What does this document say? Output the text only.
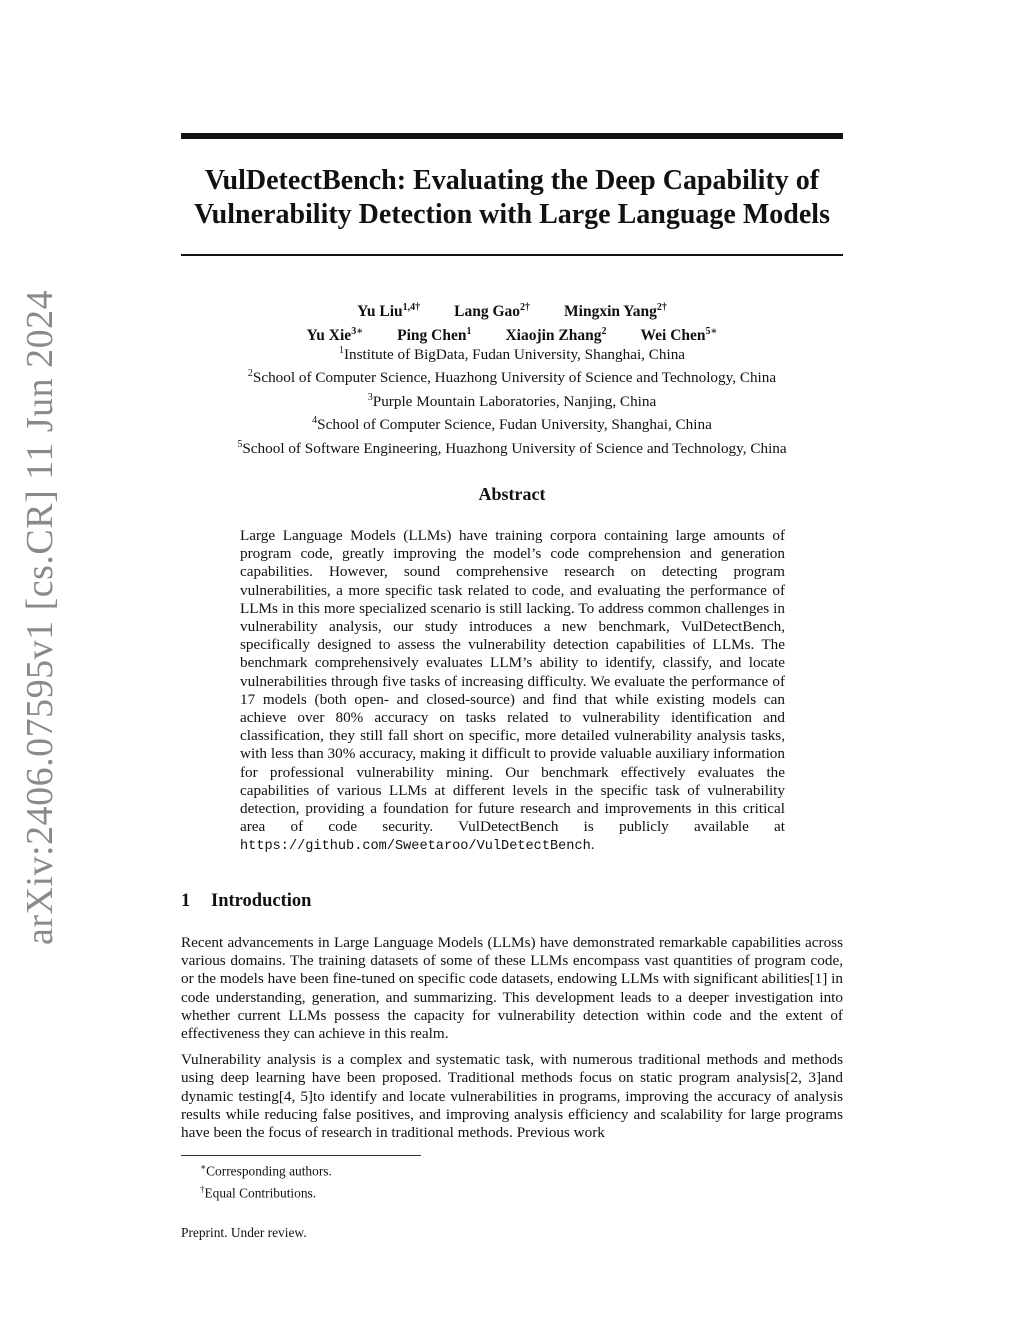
arXiv:2406.07595v1 [cs.CR] 11 Jun 2024
VulDetectBench: Evaluating the Deep Capability of
Vulnerability Detection with Large Language Models
Yu Liu$^{1,4\dagger}$ Lang Gao$^{2\dagger}$ Mingxin Yang$^{2\dagger}$
Yu Xie$^{3∗}$ Ping Chen$^1$ Xiaojin Zhang$^2$ Wei Chen$^{5∗}$
$^1$Institute of BigData, Fudan University, Shanghai, China
$^2$School of Computer Science, Huazhong University of Science and Technology, China
$^3$Purple Mountain Laboratories, Nanjing, China
$^4$School of Computer Science, Fudan University, Shanghai, China
$^5$School of Software Engineering, Huazhong University of Science and Technology, China
Abstract
Large Language Models (LLMs) have training corpora containing large amounts of program code, greatly improving the model’s code comprehension and generation capabilities. However, sound comprehensive research on detecting program vulnerabilities, a more specific task related to code, and evaluating the performance of LLMs in this more specialized scenario is still lacking. To address common challenges in vulnerability analysis, our study introduces a new benchmark, VulDetectBench, specifically designed to assess the vulnerability detection capabilities of LLMs. The benchmark comprehensively evaluates LLM’s ability to identify, classify, and locate vulnerabilities through five tasks of increasing difficulty. We evaluate the performance of 17 models (both open- and closed-source) and find that while existing models can achieve over 80% accuracy on tasks related to vulnerability identification and classification, they still fall short on specific, more detailed vulnerability analysis tasks, with less than 30% accuracy, making it difficult to provide valuable auxiliary information for professional vulnerability mining. Our benchmark effectively evaluates the capabilities of various LLMs at different levels in the specific task of vulnerability detection, providing a foundation for future research and improvements in this critical area of code security. VulDetectBench is publicly available at https://github.com/Sweetaroo/VulDetectBench.
1 Introduction

Recent advancements in Large Language Models (LLMs) have demonstrated remarkable capabilities across various domains. The training datasets of some of these LLMs encompass vast quantities of program code, or the models have been fine-tuned on specific code datasets, endowing LLMs with significant abilities[1] in code understanding, generation, and summarizing. This development leads to a deeper investigation into whether current LLMs possess the capacity for vulnerability detection within code and the extent of effectiveness they can achieve in this realm.

Vulnerability analysis is a complex and systematic task, with numerous traditional methods and methods using deep learning have been proposed. Traditional methods focus on static program analysis[2, 3]and dynamic testing[4, 5]to identify and locate vulnerabilities in programs, improving the accuracy of analysis results while reducing false positives, and improving analysis efficiency and scalability for large programs have been the focus of research in traditional methods. Previous work

∗Corresponding authors.
†Equal Contributions.
Preprint. Under review.
